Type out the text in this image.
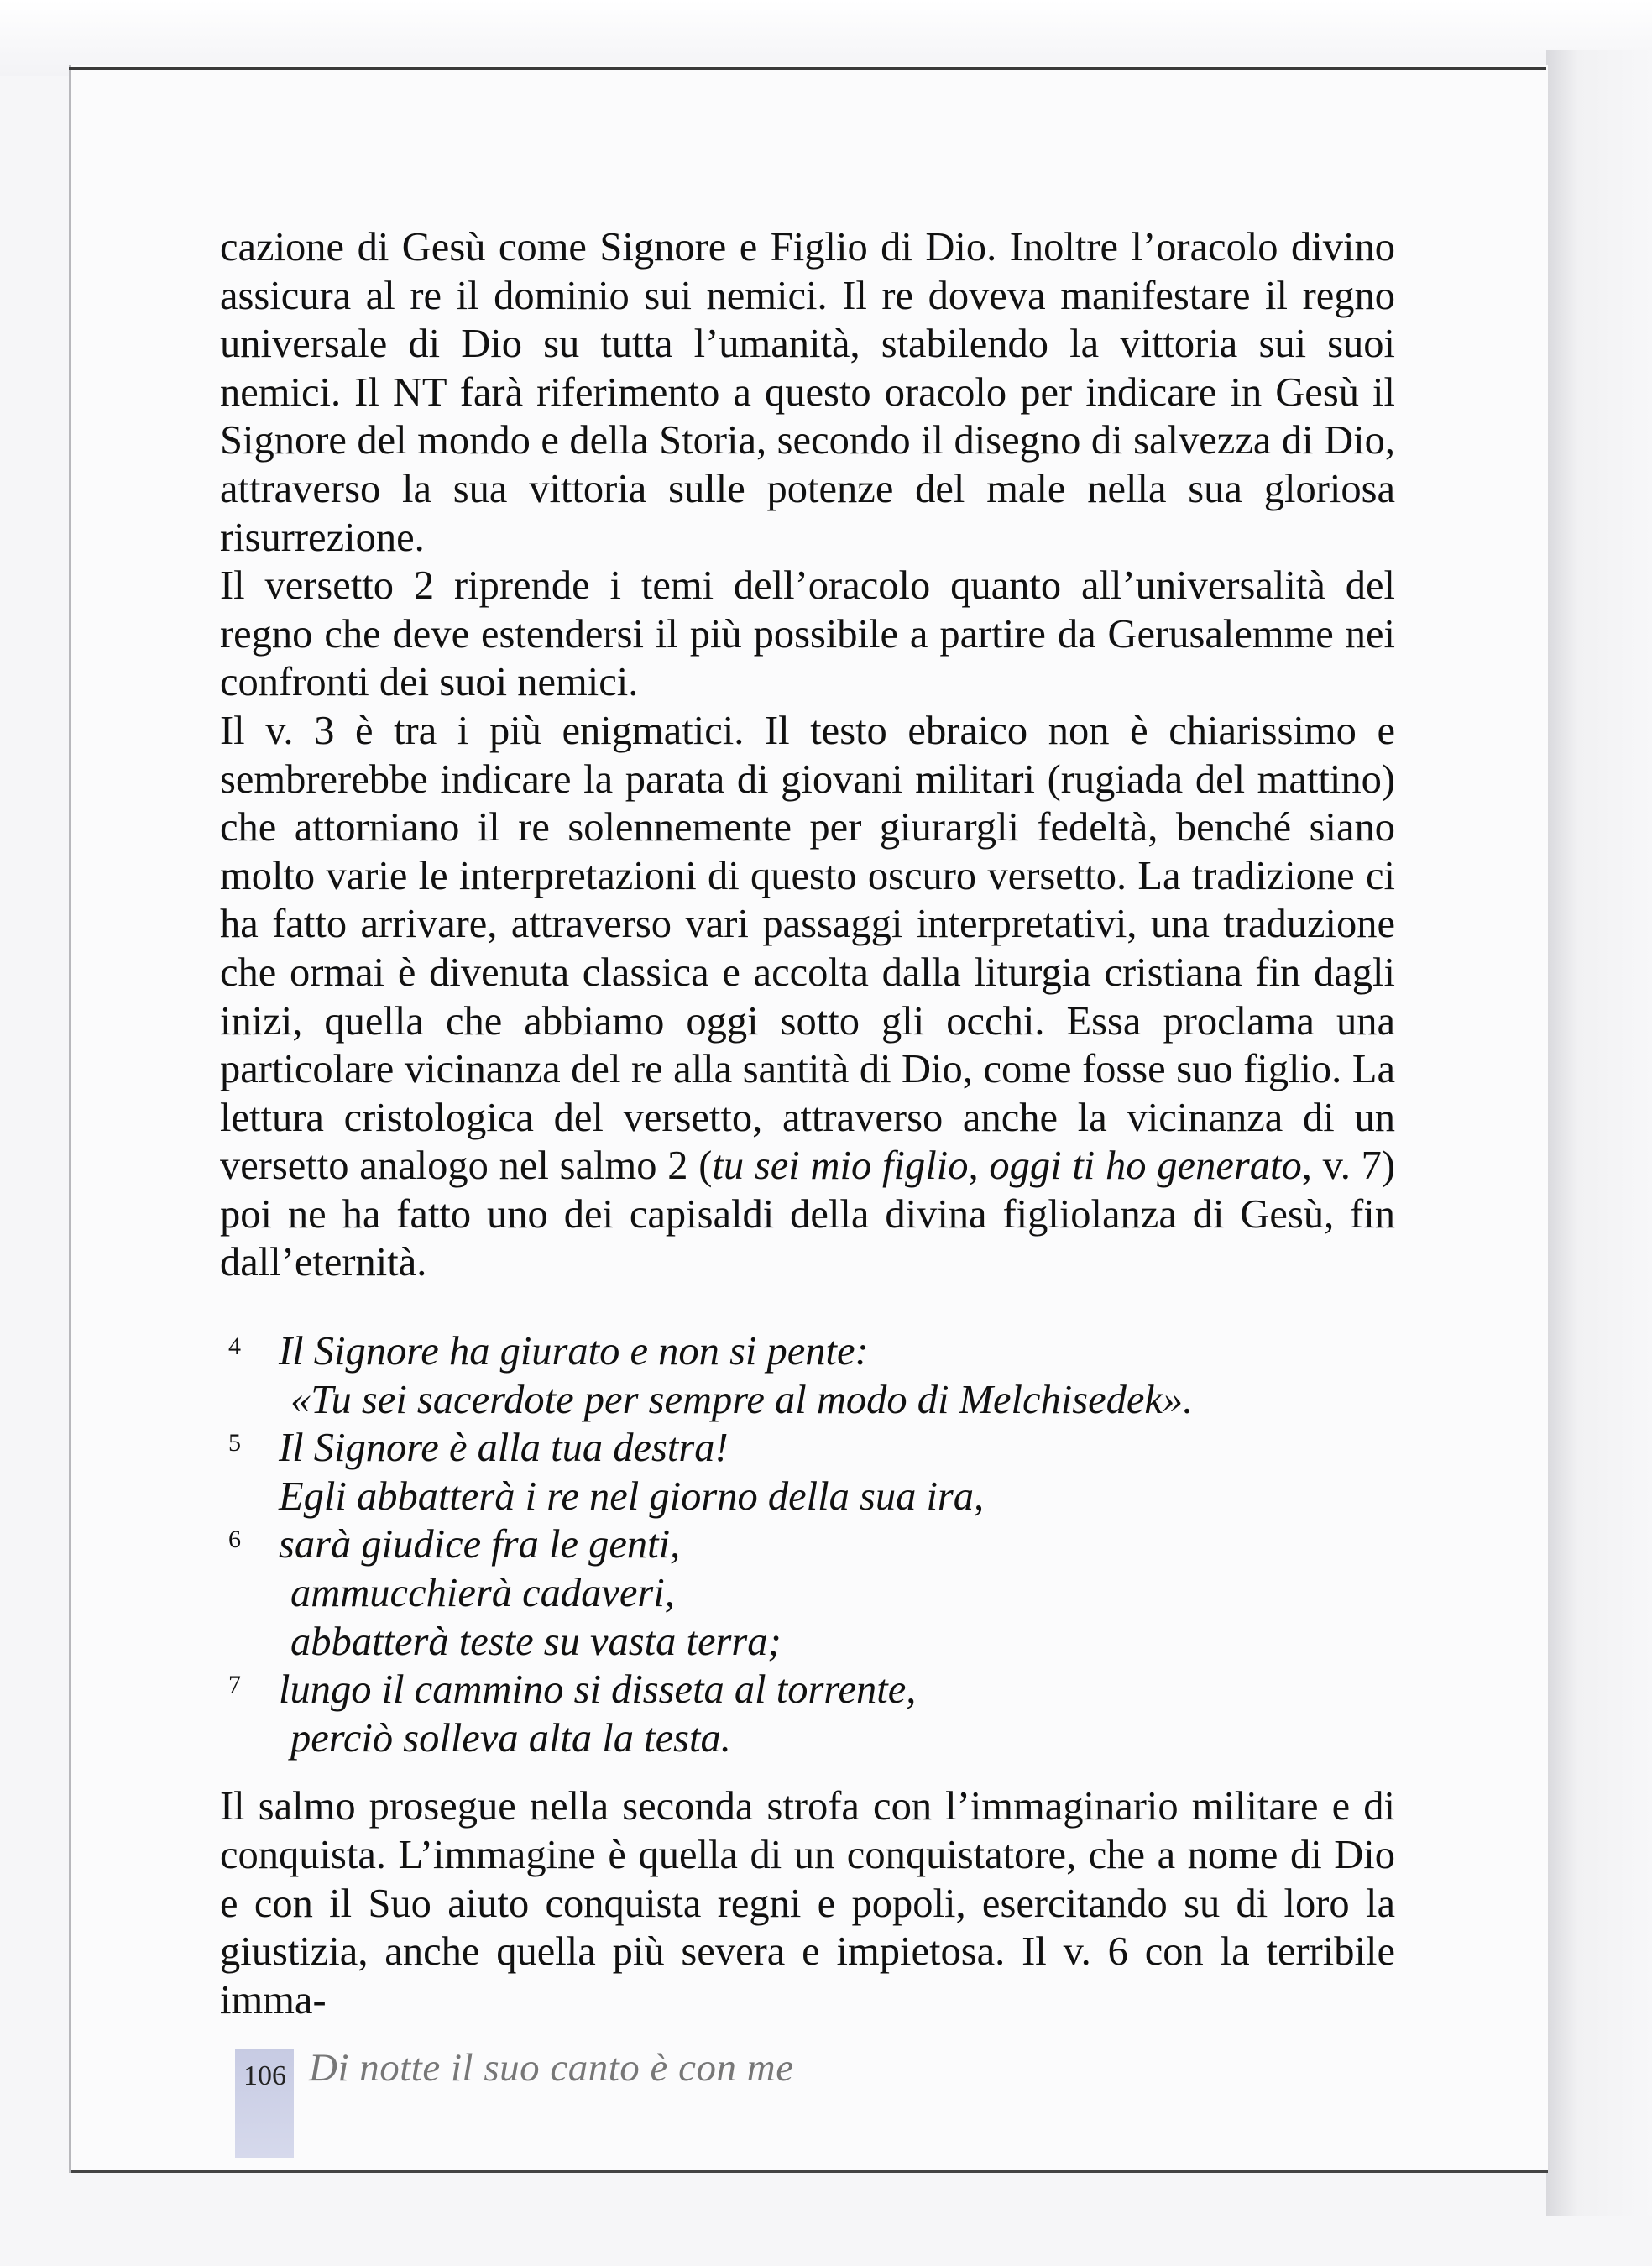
cazione di Gesù come Signore e Figlio di Dio. Inoltre l’oracolo divino assicura al re il dominio sui nemici. Il re doveva manifestare il regno universale di Dio su tutta l’umanità, stabilendo la vittoria sui suoi nemici. Il NT farà riferimento a questo oracolo per indicare in Gesù il Signore del mondo e della Storia, secondo il disegno di salvezza di Dio, attraverso la sua vittoria sulle potenze del male nella sua gloriosa risurrezione.

Il versetto 2 riprende i temi dell’oracolo quanto all’universalità del regno che deve estendersi il più possibile a partire da Gerusalemme nei confronti dei suoi nemici.

Il v. 3 è tra i più enigmatici. Il testo ebraico non è chiarissimo e sembrerebbe indicare la parata di giovani militari (rugiada del mattino) che attorniano il re solennemente per giurargli fedeltà, benché siano molto varie le interpretazioni di questo oscuro versetto. La tradizione ci ha fatto arrivare, attraverso vari passaggi interpretativi, una traduzione che ormai è divenuta classica e accolta dalla liturgia cristiana fin dagli inizi, quella che abbiamo oggi sotto gli occhi. Essa proclama una particolare vicinanza del re alla santità di Dio, come fosse suo figlio. La lettura cristologica del versetto, attraverso anche la vicinanza di un versetto analogo nel salmo 2 (tu sei mio figlio, oggi ti ho generato, v. 7) poi ne ha fatto uno dei capisaldi della divina figliolanza di Gesù, fin dall’eternità.

4 Il Signore ha giurato e non si pente:
«Tu sei sacerdote per sempre al modo di Melchisedek».
5 Il Signore è alla tua destra!
Egli abbatterà i re nel giorno della sua ira,
6 sarà giudice fra le genti,
ammucchierà cadaveri,
abbatterà teste su vasta terra;
7 lungo il cammino si disseta al torrente,
perciò solleva alta la testa.

Il salmo prosegue nella seconda strofa con l’immaginario militare e di conquista. L’immagine è quella di un conquistatore, che a nome di Dio e con il Suo aiuto conquista regni e popoli, esercitando su di loro la giustizia, anche quella più severa e impietosa. Il v. 6 con la terribile imma-

106 Di notte il suo canto è con me
